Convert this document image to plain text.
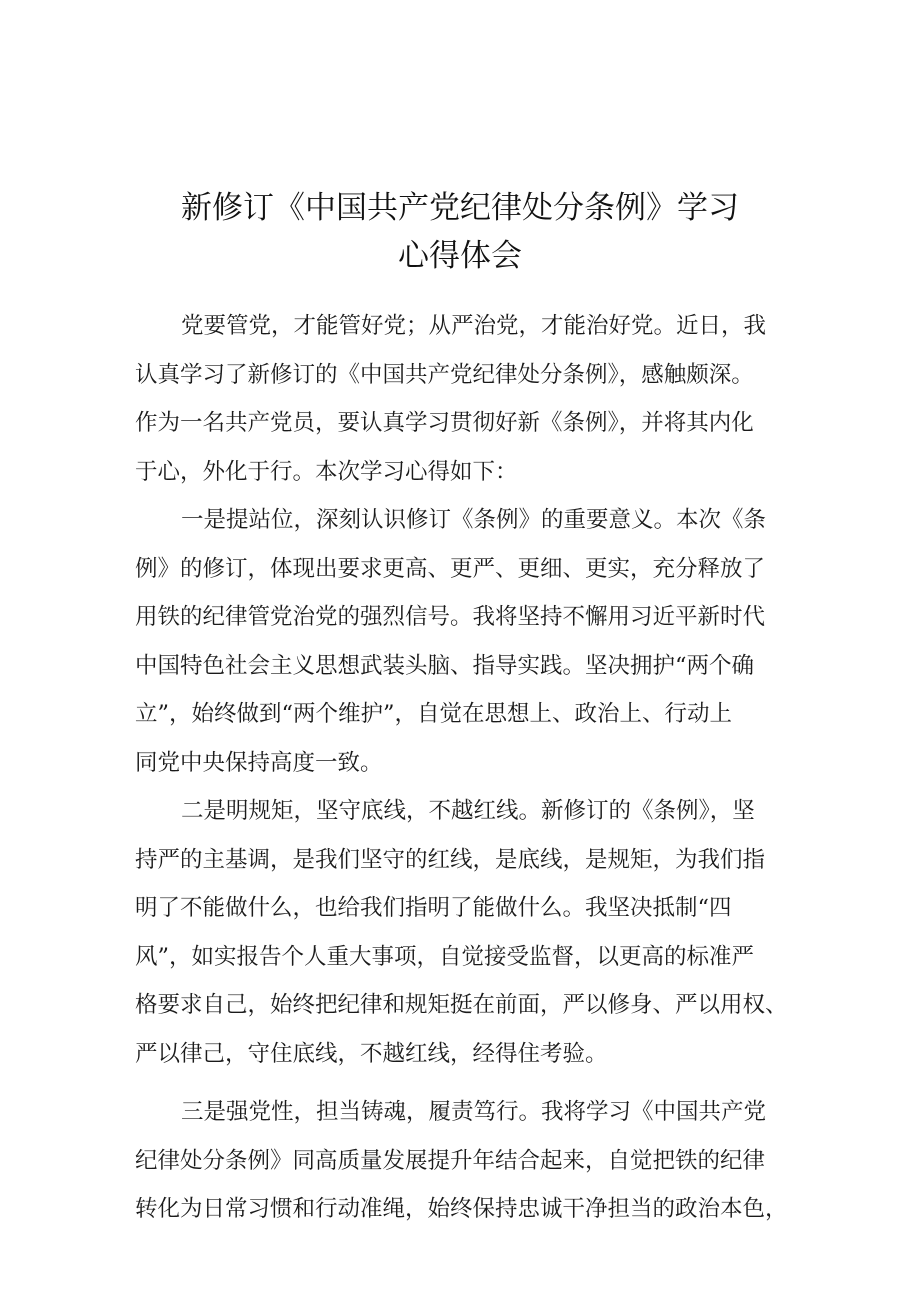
新修订《中国共产党纪律处分条例》学习
心得体会

党要管党，才能管好党；从严治党，才能治好党。近日，我
认真学习了新修订的《中国共产党纪律处分条例》，感触颇深。
作为一名共产党员，要认真学习贯彻好新《条例》，并将其内化
于心，外化于行。本次学习心得如下：

一是提站位，深刻认识修订《条例》的重要意义。本次《条
例》的修订，体现出要求更高、更严、更细、更实，充分释放了
用铁的纪律管党治党的强烈信号。我将坚持不懈用习近平新时代
中国特色社会主义思想武装头脑、指导实践。坚决拥护“两个确
立”，始终做到“两个维护”，自觉在思想上、政治上、行动上
同党中央保持高度一致。

二是明规矩，坚守底线，不越红线。新修订的《条例》，坚
持严的主基调，是我们坚守的红线，是底线，是规矩，为我们指
明了不能做什么，也给我们指明了能做什么。我坚决抵制“四
风”，如实报告个人重大事项，自觉接受监督，以更高的标准严
格要求自己，始终把纪律和规矩挺在前面，严以修身、严以用权、
严以律己，守住底线，不越红线，经得住考验。

三是强党性，担当铸魂，履责笃行。我将学习《中国共产党
纪律处分条例》同高质量发展提升年结合起来，自觉把铁的纪律
转化为日常习惯和行动准绳，始终保持忠诚干净担当的政治本色，
